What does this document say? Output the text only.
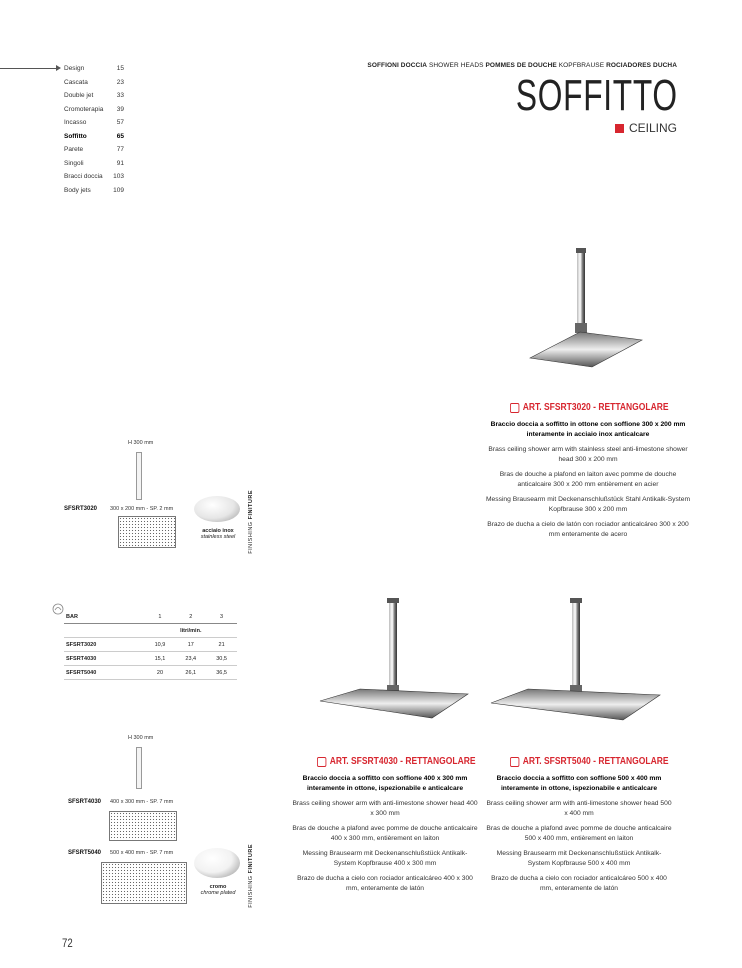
Design	15
Cascata	23
Double jet	33
Cromoterapia 39
Incasso	57
Soffitto	65
Parete	77
Singoli	91
Bracci doccia 103
Body jets	109
SOFFIONI DOCCIA SHOWER HEADS POMMES DE DOUCHE KOPFBRAUSE ROCIADORES DUCHA
SOFFITTO
CEILING
ART. SFSRT3020 - RETTANGOLARE

Braccio doccia a soffitto in ottone con soffione 300 x 200 mm interamente in acciaio inox anticalcare

Brass ceiling shower arm with stainless steel anti-limestone shower head 300 x 200 mm

Bras de douche a plafond en laiton avec pomme de douche anticalcaire 300 x 200 mm entièrement en acier

Messing Brausearm mit Deckenanschlußstück Stahl Antikalk-System Kopfbrause 300 x 200 mm

Brazo de ducha a cielo de latón con rociador anticalcáreo 300 x 200 mm enteramente de acero

H 300 mm
SFSRT3020 300 x 200 mm - SP. 2 mm
acciaio inox
stainless steel	FINISHING FINITURE
BAR	1	2	3
	litri/min.		
SFSRT3020	10,9	17	21
SFSRT4030	15,1	23,4	30,5
SFSRT5040	20	26,1	36,5
ART. SFSRT4030 - RETTANGOLARE

Braccio doccia a soffitto con soffione 400 x 300 mm interamente in ottone, ispezionabile e anticalcare

Brass ceiling shower arm with anti-limestone shower head 400 x 300 mm

Bras de douche a plafond avec pomme de douche anticalcaire 400 x 300 mm, entièrement en laiton

Messing Brausearm mit Deckenanschlußstück Antikalk-System Kopfbrause 400 x 300 mm

Brazo de ducha a cielo con rociador anticalcáreo 400 x 300 mm, enteramente de latón

ART. SFSRT5040 - RETTANGOLARE

Braccio doccia a soffitto con soffione 500 x 400 mm interamente in ottone, ispezionabile e anticalcare

Brass ceiling shower arm with anti-limestone shower head 500 x 400 mm

Bras de douche a plafond avec pomme de douche anticalcaire 500 x 400 mm, entièrement en laiton

Messing Brausearm mit Deckenanschlußstück Antikalk-System Kopfbrause 500 x 400 mm

Brazo de ducha a cielo con rociador anticalcáreo 500 x 400 mm, enteramente de latón

H 300 mm
SFSRT4030 400 x 300 mm - SP. 7 mm
SFSRT5040 500 x 400 mm - SP. 7 mm
cromo
chrome plated	FINISHING FINITURE
72
